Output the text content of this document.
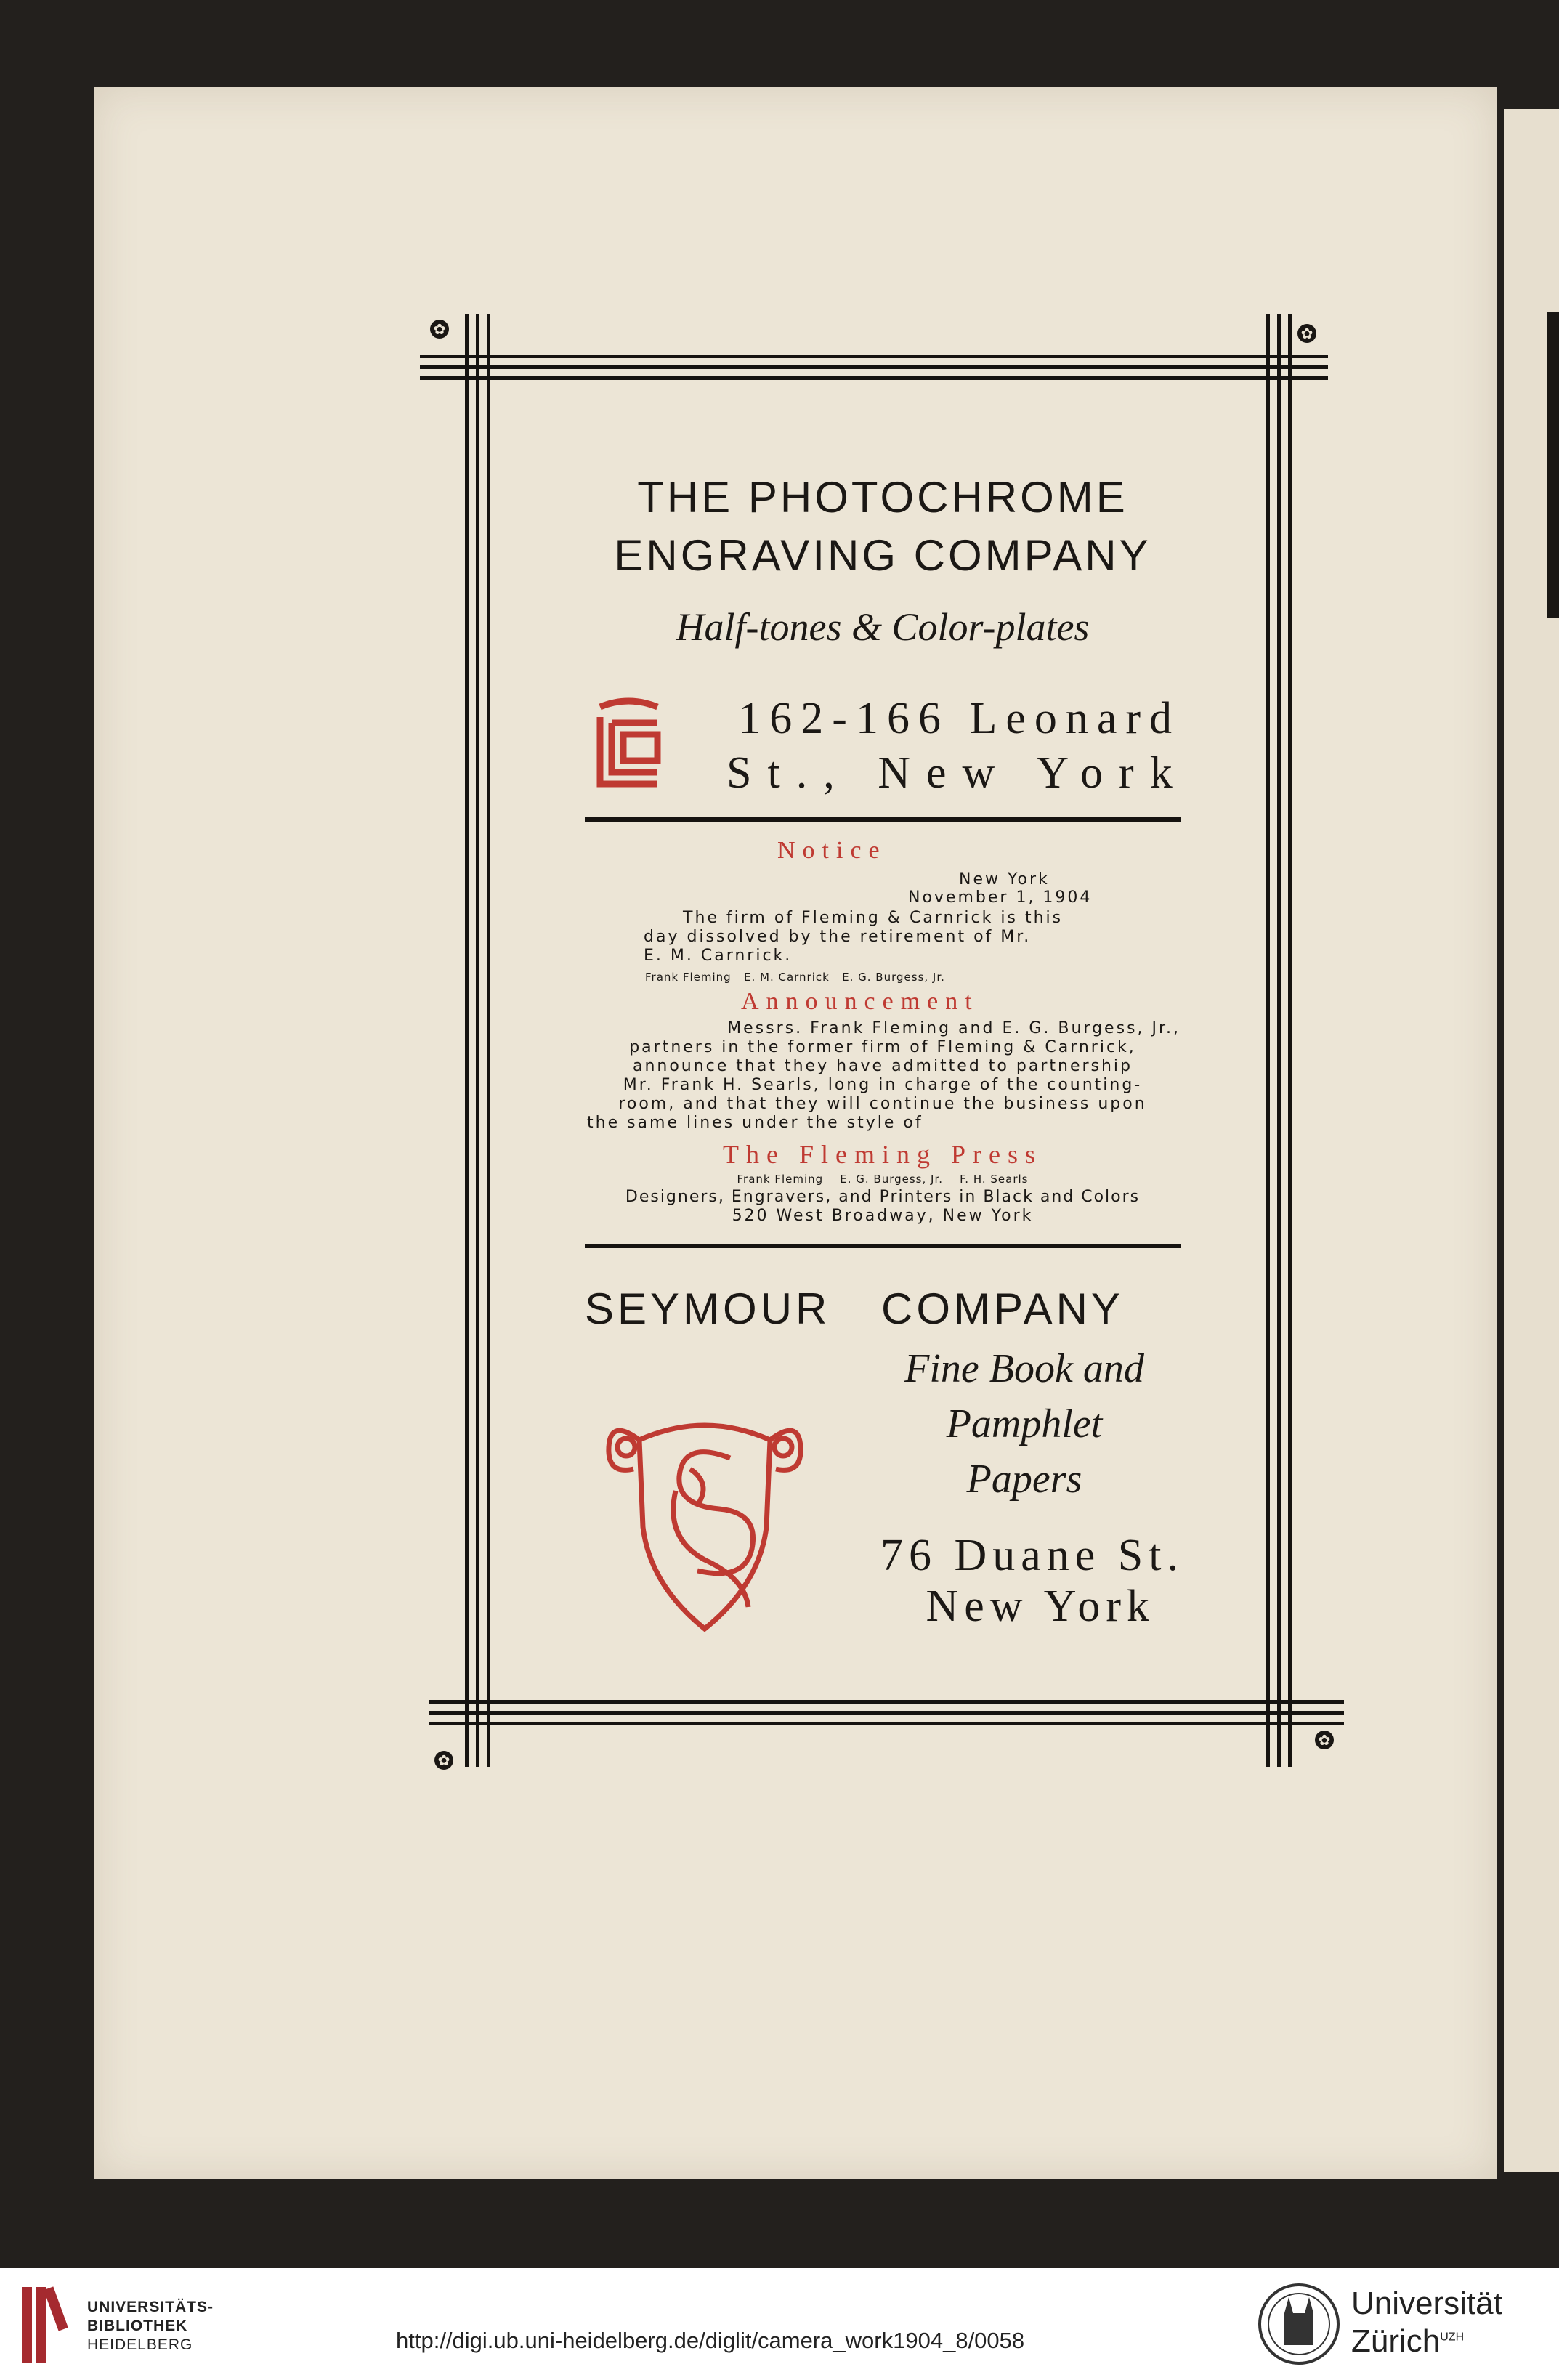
✿	✿
✿
✿
THE PHOTOCHROME
ENGRAVING COMPANY
Half-tones & Color-plates
162-166 Leonard
St., New York
Notice
New York
November 1, 1904
The firm of Fleming & Carnrick is this
day dissolved by the retirement of Mr.
E. M. Carnrick.
Frank Fleming   E. M. Carnrick   E. G. Burgess, Jr.
Announcement
Messrs. Frank Fleming and E. G. Burgess, Jr.,
partners in the former firm of Fleming & Carnrick,
announce that they have admitted to partnership
Mr. Frank H. Searls, long in charge of the counting-
room, and that they will continue the business upon
the same lines under the style of
The Fleming Press
Frank Fleming    E. G. Burgess, Jr.    F. H. Searls
Designers, Engravers, and Printers in Black and Colors
520 West Broadway, New York
SEYMOUR COMPANY
Fine Book and
Pamphlet
Papers
76 Duane St.
New York
UNIVERSITÄTS-
BIBLIOTHEK
HEIDELBERG	http://digi.ub.uni-heidelberg.de/diglit/camera_work1904_8/0058
Universität
Zürich$^{UZH}$
